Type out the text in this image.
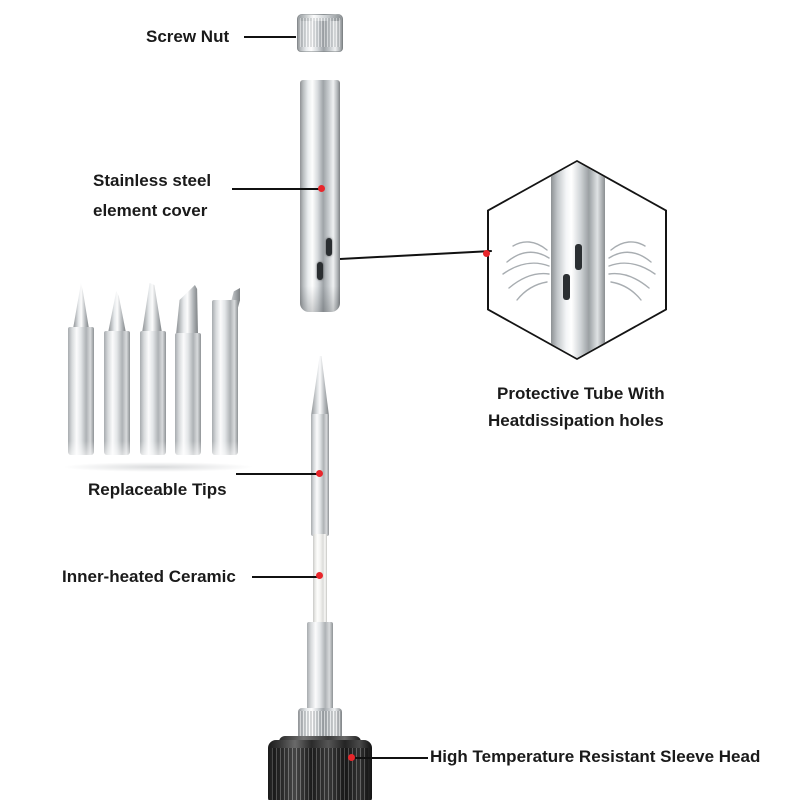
Screw Nut
Stainless steel
element cover
Replaceable Tips
Inner-heated Ceramic
Protective Tube With
Heatdissipation holes
High Temperature Resistant Sleeve Head
